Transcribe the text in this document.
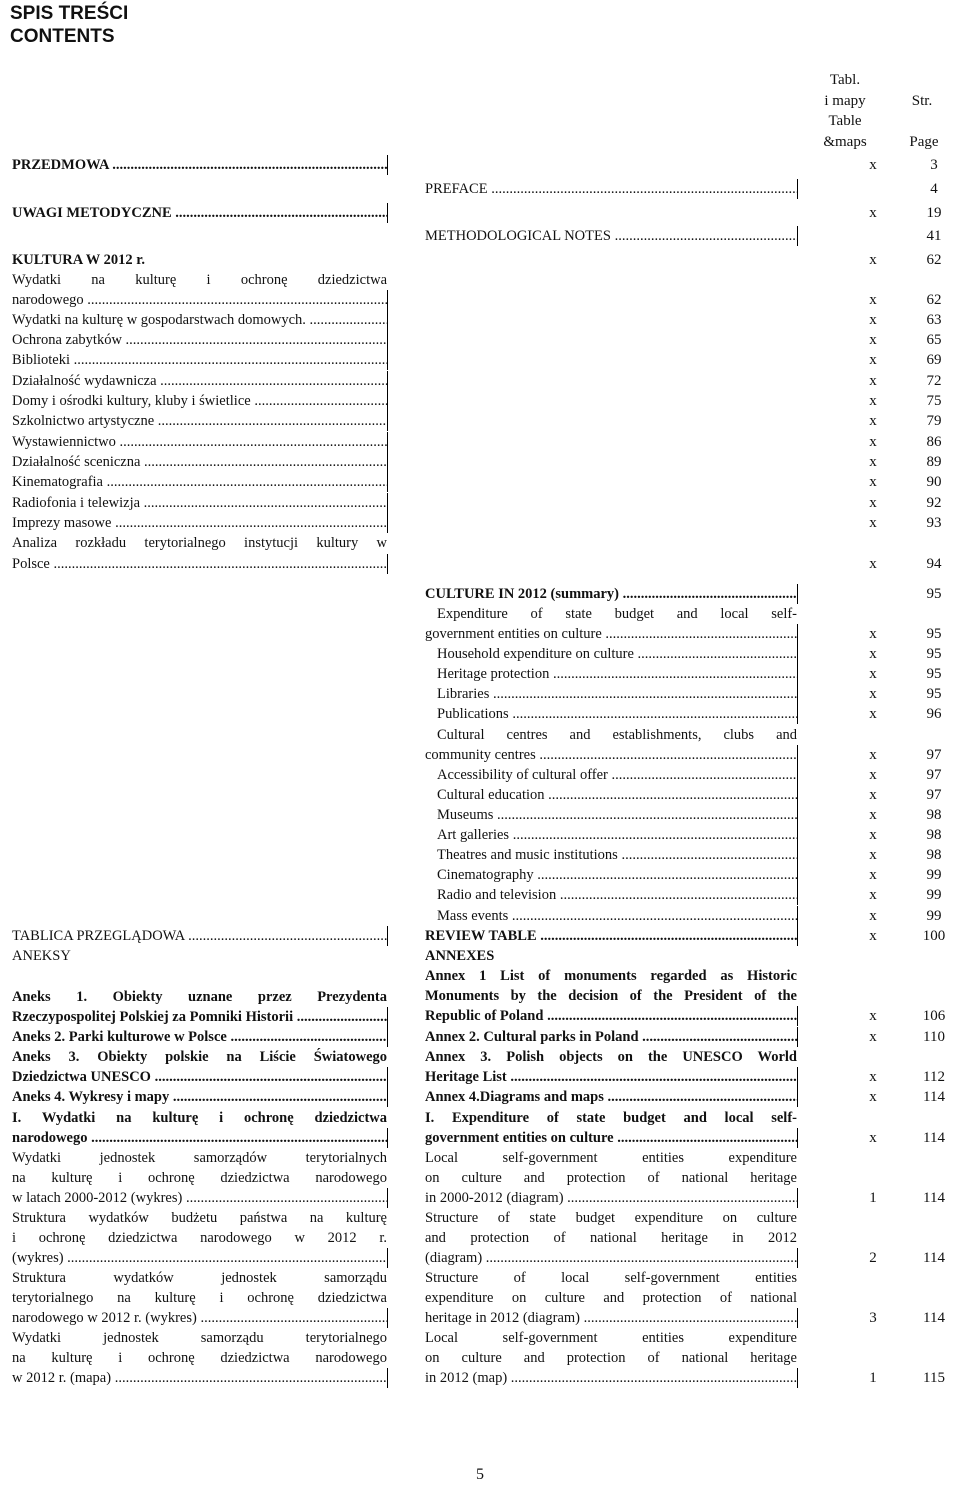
SPIS TREŚCI
CONTENTS
Tabl.
i mapy
Table
&maps
Str.
Page
PRZEDMOWA .....
UWAGI METODYCZNE .....
KULTURA W 2012 r.
Wydatki na kulturę i ochronę dziedzictwa
narodowego .....
Wydatki na kulturę w gospodarstwach domowych. .....
Ochrona zabytków .....
Biblioteki .....
Działalność wydawnicza .....
Domy i ośrodki kultury, kluby i świetlice .....
Szkolnictwo artystyczne .....
Wystawiennictwo .....
Działalność sceniczna .....
Kinematografia .....
Radiofonia i telewizja .....
Imprezy masowe .....
Analiza rozkładu terytorialnego instytucji kultury w
Polsce .....
TABLICA PRZEGLĄDOWA .....
ANEKSY
Aneks 1. Obiekty uznane przez Prezydenta
Rzeczypospolitej Polskiej za Pomniki Historii .....
Aneks 2. Parki kulturowe w Polsce .....
Aneks 3. Obiekty polskie na Liście Światowego
Dziedzictwa UNESCO .....
Aneks 4. Wykresy i mapy .....
I. Wydatki na kulturę i ochronę dziedzictwa
narodowego .....
Wydatki jednostek samorządów terytorialnych
na kulturę i ochronę dziedzictwa narodowego
w latach 2000-2012 (wykres) .....
Struktura wydatków budżetu państwa na kulturę
i ochronę dziedzictwa narodowego w 2012 r.
(wykres) .....
Struktura wydatków jednostek samorządu
terytorialnego na kulturę i ochronę dziedzictwa
narodowego w 2012 r. (wykres) .....
Wydatki jednostek samorządu terytorialnego
na kulturę i ochronę dziedzictwa narodowego
w 2012 r. (mapa) .....
PREFACE .....
METHODOLOGICAL NOTES .....
CULTURE IN 2012 (summary) .....
Expenditure of state budget and local self-
government entities on culture .....
Household expenditure on culture .....
Heritage protection .....
Libraries .....
Publications .....
Cultural centres and establishments, clubs and
community centres .....
Accessibility of cultural offer .....
Cultural education .....
Museums .....
Art galleries .....
Theatres and music institutions .....
Cinematography .....
Radio and television .....
Mass events .....
REVIEW TABLE .....
ANNEXES
Annex 1 List of monuments regarded as Historic
Monuments by the decision of the President of the
Republic of Poland .....
Annex 2. Cultural parks in Poland .....
Annex 3. Polish objects on the UNESCO World
Heritage List .....
Annex 4.Diagrams and maps .....
I. Expenditure of state budget and local self-
government entities on culture .....
Local self-government entities expenditure
on culture and protection of national heritage
in 2000-2012 (diagram) .....
Structure of state budget expenditure on culture
and protection of national heritage in 2012
(diagram) .....
Structure of local self-government entities
expenditure on culture and protection of national
heritage in 2012 (diagram) .....
Local self-government entities expenditure
on culture and protection of national heritage
in 2012 (map) .....
x
x
x
x
x
x
x
x
x
x
x
x
x
x
x
x
x
x
x
x
x
x
x
x
x
x
x
x
x
x
x
x
x
x
x
x
1
2
3
1
3
4
19
41
62
62
63
65
69
72
75
79
86
89
90
92
93
94
95
95
95
95
95
96
97
97
97
98
98
98
99
99
99
100
106
110
112
114
114
114
114
114
115
5
